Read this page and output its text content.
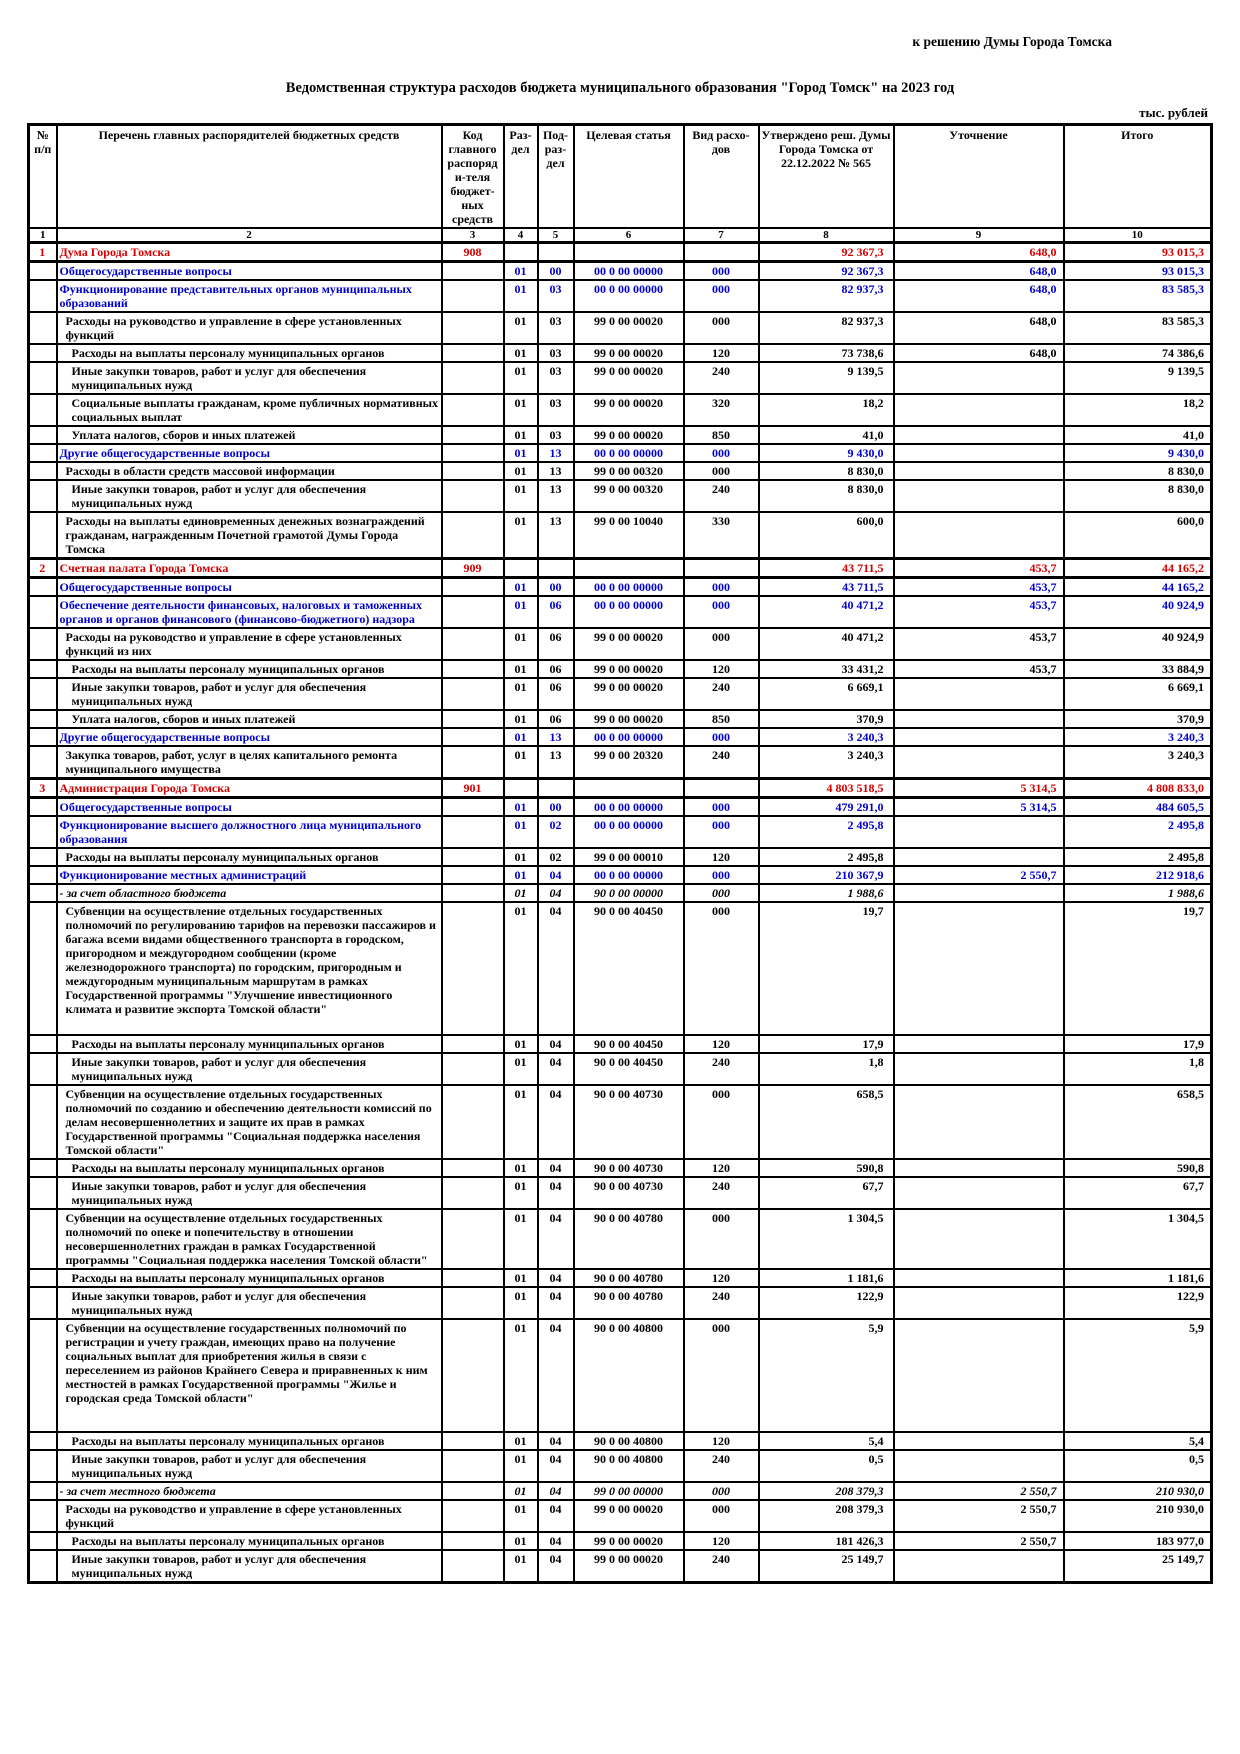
к решению Думы Города Томска
Ведомственная структура расходов бюджета муниципального образования "Город Томск" на 2023 год
тыс. рублей
№ п/п	Перечень главных распорядителей бюджетных средств	Код главного распоряди-теля бюджет-ных средств	Раз-дел	Под-раз-дел	Целевая статья	Вид расхо-дов	Утверждено реш. Думы Города Томска от 22.12.2022 № 565	Уточнение	Итого
1	2	3	4	5	6	7	8	9	10
1	Дума Города Томска	908					92 367,3	648,0	93 015,3
	Общегосударственные вопросы		01	00	00 0 00 00000	000	92 367,3	648,0	93 015,3
	Функционирование представительных органов муниципальных образований		01	03	00 0 00 00000	000	82 937,3	648,0	83 585,3
	Расходы на руководство и управление в сфере установленных функций		01	03	99 0 00 00020	000	82 937,3	648,0	83 585,3
	Расходы на выплаты персоналу муниципальных органов		01	03	99 0 00 00020	120	73 738,6	648,0	74 386,6
	Иные закупки товаров, работ и услуг для обеспечения муниципальных нужд		01	03	99 0 00 00020	240	9 139,5		9 139,5
	Социальные выплаты гражданам, кроме публичных нормативных социальных выплат		01	03	99 0 00 00020	320	18,2		18,2
	Уплата налогов, сборов и иных платежей		01	03	99 0 00 00020	850	41,0		41,0
	Другие общегосударственные вопросы		01	13	00 0 00 00000	000	9 430,0		9 430,0
	Расходы в области средств массовой информации		01	13	99 0 00 00320	000	8 830,0		8 830,0
	Иные закупки товаров, работ и услуг для обеспечения муниципальных нужд		01	13	99 0 00 00320	240	8 830,0		8 830,0
	Расходы на выплаты единовременных денежных вознаграждений гражданам, награжденным Почетной грамотой Думы Города Томска		01	13	99 0 00 10040	330	600,0		600,0
2	Счетная палата Города Томска	909					43 711,5	453,7	44 165,2
	Общегосударственные вопросы		01	00	00 0 00 00000	000	43 711,5	453,7	44 165,2
	Обеспечение деятельности финансовых, налоговых и таможенных органов и органов финансового (финансово-бюджетного) надзора		01	06	00 0 00 00000	000	40 471,2	453,7	40 924,9
	Расходы на руководство и управление в сфере установленных функций из них		01	06	99 0 00 00020	000	40 471,2	453,7	40 924,9
	Расходы на выплаты персоналу муниципальных органов		01	06	99 0 00 00020	120	33 431,2	453,7	33 884,9
	Иные закупки товаров, работ и услуг для обеспечения муниципальных нужд		01	06	99 0 00 00020	240	6 669,1		6 669,1
	Уплата налогов, сборов и иных платежей		01	06	99 0 00 00020	850	370,9		370,9
	Другие общегосударственные вопросы		01	13	00 0 00 00000	000	3 240,3		3 240,3
	Закупка товаров, работ, услуг в целях капитального ремонта муниципального имущества		01	13	99 0 00 20320	240	3 240,3		3 240,3
3	Администрация Города Томска	901					4 803 518,5	5 314,5	4 808 833,0
	Общегосударственные вопросы		01	00	00 0 00 00000	000	479 291,0	5 314,5	484 605,5
	Функционирование высшего должностного лица муниципального образования		01	02	00 0 00 00000	000	2 495,8		2 495,8
	Расходы на выплаты персоналу муниципальных органов		01	02	99 0 00 00010	120	2 495,8		2 495,8
	Функционирование местных администраций		01	04	00 0 00 00000	000	210 367,9	2 550,7	212 918,6
	- за счет областного бюджета		01	04	90 0 00 00000	000	1 988,6		1 988,6
	Субвенции на осуществление отдельных государственных полномочий по регулированию тарифов на перевозки пассажиров и багажа всеми видами общественного транспорта в городском, пригородном и междугородном сообщении (кроме железнодорожного транспорта) по городским, пригородным и междугородным муниципальным маршрутам в рамках Государственной программы "Улучшение инвестиционного климата и развитие экспорта Томской области"		01	04	90 0 00 40450	000	19,7		19,7
	Расходы на выплаты персоналу муниципальных органов		01	04	90 0 00 40450	120	17,9		17,9
	Иные закупки товаров, работ и услуг для обеспечения муниципальных нужд		01	04	90 0 00 40450	240	1,8		1,8
	Субвенции на осуществление отдельных государственных полномочий по созданию и обеспечению деятельности комиссий по делам несовершеннолетних и защите их прав в рамках Государственной программы "Социальная поддержка населения Томской области"		01	04	90 0 00 40730	000	658,5		658,5
	Расходы на выплаты персоналу муниципальных органов		01	04	90 0 00 40730	120	590,8		590,8
	Иные закупки товаров, работ и услуг для обеспечения муниципальных нужд		01	04	90 0 00 40730	240	67,7		67,7
	Субвенции на осуществление отдельных государственных полномочий по опеке и попечительству в отношении несовершеннолетних граждан в рамках Государственной программы "Социальная поддержка населения Томской области"		01	04	90 0 00 40780	000	1 304,5		1 304,5
	Расходы на выплаты персоналу муниципальных органов		01	04	90 0 00 40780	120	1 181,6		1 181,6
	Иные закупки товаров, работ и услуг для обеспечения муниципальных нужд		01	04	90 0 00 40780	240	122,9		122,9
	Субвенции на осуществление государственных полномочий по регистрации и учету граждан, имеющих право на получение социальных выплат для приобретения жилья в связи с переселением из районов Крайнего Севера и приравненных к ним местностей в рамках Государственной программы "Жилье и городская среда Томской области"		01	04	90 0 00 40800	000	5,9		5,9
	Расходы на выплаты персоналу муниципальных органов		01	04	90 0 00 40800	120	5,4		5,4
	Иные закупки товаров, работ и услуг для обеспечения муниципальных нужд		01	04	90 0 00 40800	240	0,5		0,5
	- за счет местного бюджета		01	04	99 0 00 00000	000	208 379,3	2 550,7	210 930,0
	Расходы на руководство и управление в сфере установленных функций		01	04	99 0 00 00020	000	208 379,3	2 550,7	210 930,0
	Расходы на выплаты персоналу муниципальных органов		01	04	99 0 00 00020	120	181 426,3	2 550,7	183 977,0
	Иные закупки товаров, работ и услуг для обеспечения муниципальных нужд		01	04	99 0 00 00020	240	25 149,7		25 149,7
